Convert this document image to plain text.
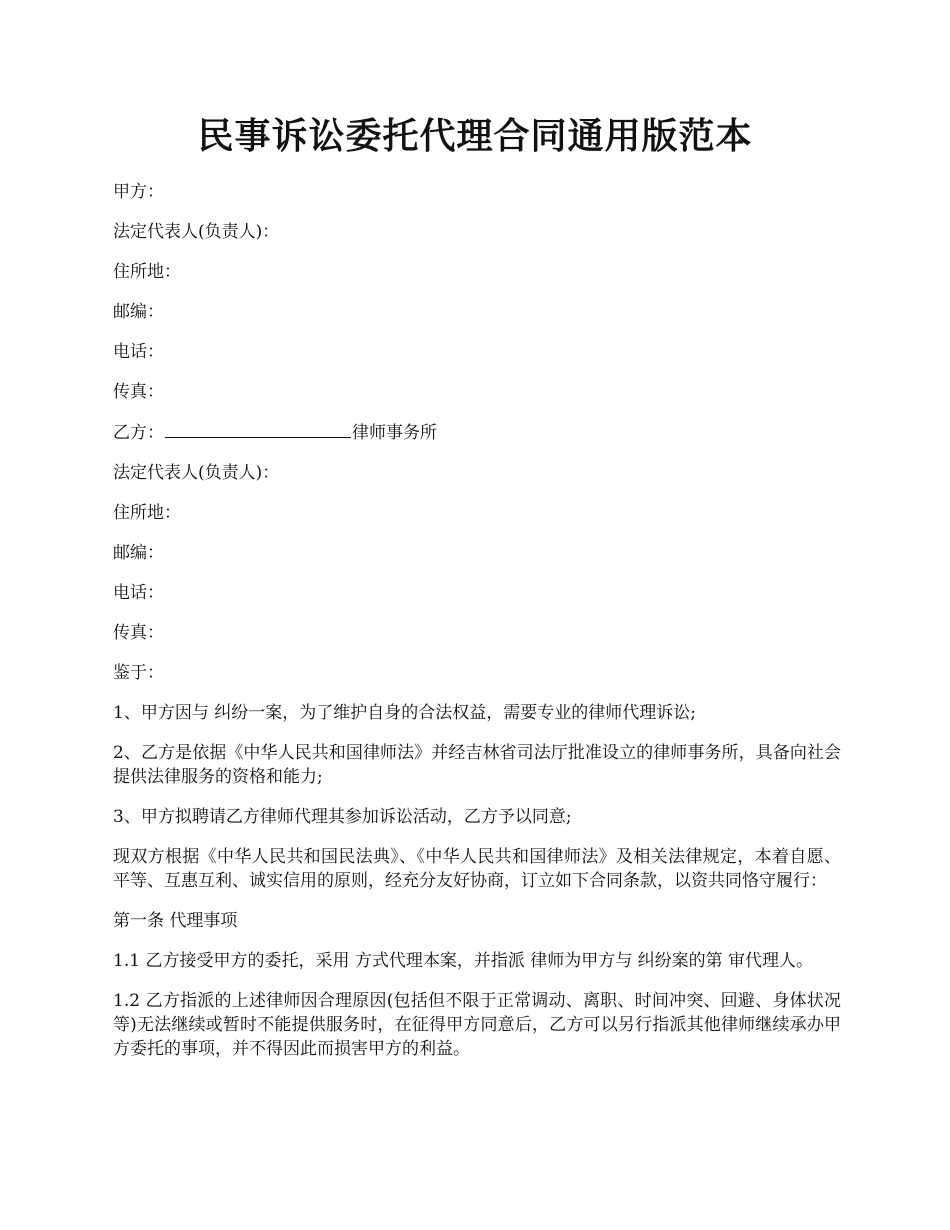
民事诉讼委托代理合同通用版范本

甲方：

法定代表人(负责人)：

住所地：

邮编：

电话：

传真：

乙方：	律师事务所

法定代表人(负责人)：

住所地：

邮编：

电话：

传真：

鉴于：

1、甲方因与 纠纷一案，为了维护自身的合法权益，需要专业的律师代理诉讼;

2、乙方是依据《中华人民共和国律师法》并经吉林省司法厅批准设立的律师事务所，具备向社会提供法律服务的资格和能力;

3、甲方拟聘请乙方律师代理其参加诉讼活动，乙方予以同意;

现双方根据《中华人民共和国民法典》、《中华人民共和国律师法》及相关法律规定，本着自愿、平等、互惠互利、诚实信用的原则，经充分友好协商，订立如下合同条款，以资共同恪守履行：

第一条 代理事项

1.1 乙方接受甲方的委托，采用 方式代理本案，并指派 律师为甲方与 纠纷案的第 审代理人。

1.2 乙方指派的上述律师因合理原因(包括但不限于正常调动、离职、时间冲突、回避、身体状况等)无法继续或暂时不能提供服务时，在征得甲方同意后，乙方可以另行指派其他律师继续承办甲方委托的事项，并不得因此而损害甲方的利益。
